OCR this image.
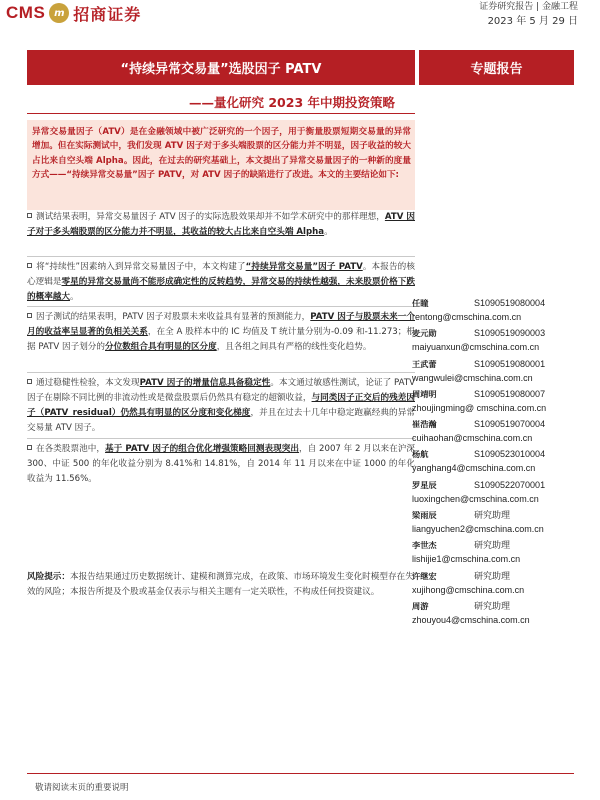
CMS m 招商证券	证券研究报告 | 金融工程
2023 年 5 月 29 日
“持续异常交易量”选股因子 PATV	专题报告
——量化研究 2023 年中期投资策略
异常交易量因子（ATV）是在金融领域中被广泛研究的一个因子，用于衡量股票短期交易量的异常增加。但在实际测试中，我们发现 ATV 因子对于多头端股票的区分能力并不明显，因子收益的较大占比来自空头端 Alpha。因此，在过去的研究基础上，本文提出了异常交易量因子的一种新的度量方式——“持续异常交易量”因子 PATV，对 ATV 因子的缺陷进行了改进。本文的主要结论如下:
测试结果表明，异常交易量因子 ATV 因子的实际选股效果却并不如学术研究中的那样理想，ATV 因子对于多头端股票的区分能力并不明显，其收益的较大占比来自空头端 Alpha。
将“持续性”因素纳入到异常交易量因子中，本文构建了“持续异常交易量”因子 PATV。本报告的核心逻辑是零星的异常交易量尚不能形成确定性的反转趋势，异常交易的持续性越强，未来股票价格下跌的概率越大。
因子测试的结果表明，PATV 因子对股票未来收益具有显著的预测能力，PATV 因子与股票未来一个月的收益率呈显著的负相关关系，在全 A 股样本中的 IC 均值及 T 统计量分别为-0.09 和-11.273；根据 PATV 因子划分的分位数组合具有明显的区分度，且各组之间具有严格的线性变化趋势。
通过稳健性检验，本文发现PATV 因子的增量信息具备稳定性。本文通过敏感性测试，论证了 PATV 因子在剔除不同比例的非流动性或是微盘股票后仍然具有稳定的超额收益，与同类因子正交后的残差因子（PATV_residual）仍然具有明显的区分度和变化梯度，并且在过去十几年中稳定跑赢经典的异常交易量 ATV 因子。
在各类股票池中，基于 PATV 因子的组合优化增强策略回测表现突出，自 2007 年 2 月以来在沪深 300、中证 500 的年化收益分别为 8.41%和 14.81%，自 2014 年 11 月以来在中证 1000 的年化收益为 11.56%。
风险提示：本报告结果通过历史数据统计、建模和测算完成，在政策、市场环境发生变化时模型存在失效的风险；本报告所提及个股或基金仅表示与相关主题有一定关联性，不构成任何投资建议。
任瞳	S1090519080004
rentong@cmschina.com.cn
麦元勋	S1090519090003
maiyuanxun@cmschina.com.cn
王武蕾	S1090519080001
wangwulei@cmschina.com.cn
周靖明	S1090519080007
zhoujingming@ cmschina.com.cn
崔浩瀚	S1090519070004
cuihaohan@cmschina.com.cn
杨航	S1090523010004
yanghang4@cmschina.com.cn
罗星辰	S1090522070001
luoxingchen@cmschina.com.cn
梁雨辰	研究助理
liangyuchen2@cmschina.com.cn
李世杰	研究助理
lishijie1@cmschina.com.cn
许继宏	研究助理
xujihong@cmschina.com.cn
周游	研究助理
zhouyou4@cmschina.com.cn
敬请阅读末页的重要说明
